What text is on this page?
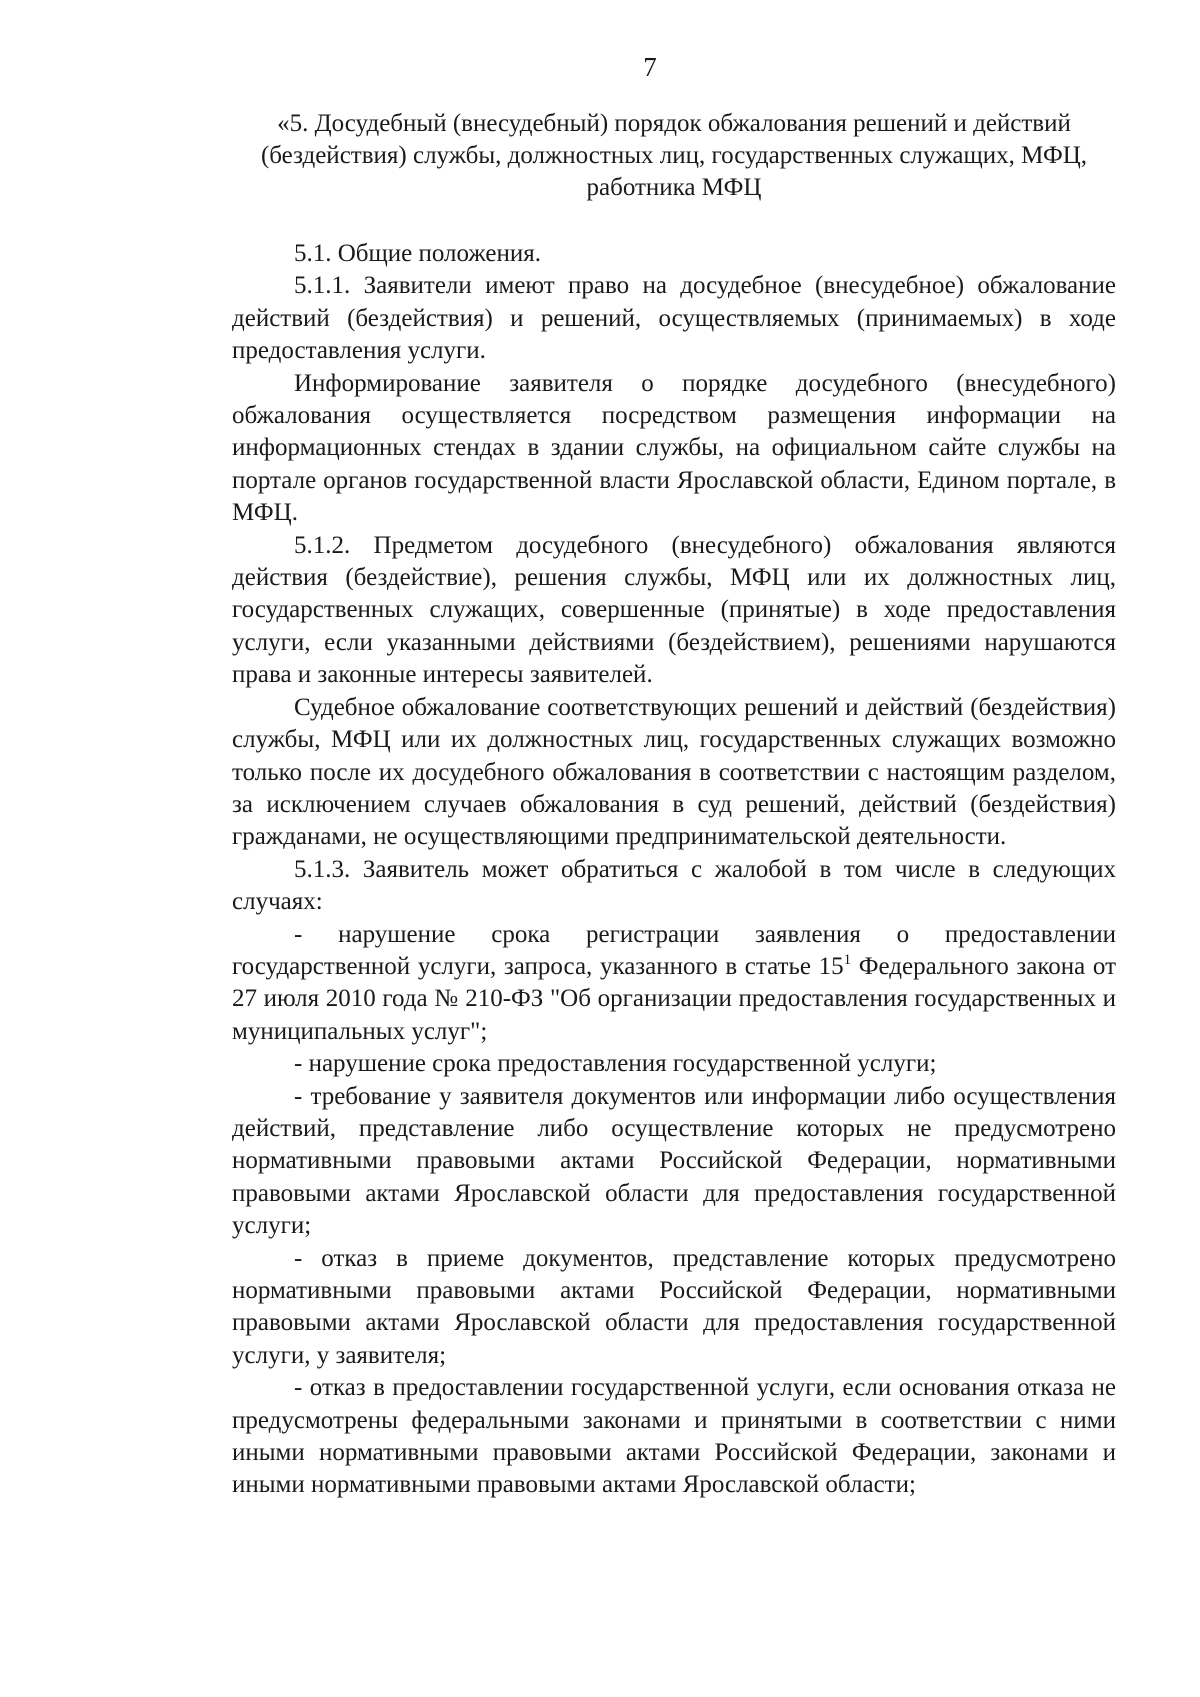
7
«5. Досудебный (внесудебный) порядок обжалования решений и действий
(бездействия) службы, должностных лиц, государственных служащих, МФЦ,
работника МФЦ

5.1. Общие положения.

5.1.1. Заявители имеют право на досудебное (внесудебное) обжалование действий (бездействия) и решений, осуществляемых (принимаемых) в ходе предоставления услуги.

Информирование заявителя о порядке досудебного (внесудебного) обжалования осуществляется посредством размещения информации на информационных стендах в здании службы, на официальном сайте службы на портале органов государственной власти Ярославской области, Едином портале, в МФЦ.

5.1.2. Предметом досудебного (внесудебного) обжалования являются действия (бездействие), решения службы, МФЦ или их должностных лиц, государственных служащих, совершенные (принятые) в ходе предоставления услуги, если указанными действиями (бездействием), решениями нарушаются права и законные интересы заявителей.

Судебное обжалование соответствующих решений и действий (бездействия) службы, МФЦ или их должностных лиц, государственных служащих возможно только после их досудебного обжалования в соответствии с настоящим разделом, за исключением случаев обжалования в суд решений, действий (бездействия) гражданами, не осуществляющими предпринимательской деятельности.

5.1.3. Заявитель может обратиться с жалобой в том числе в следующих случаях:

- нарушение срока регистрации заявления о предоставлении государственной услуги, запроса, указанного в статье $15^1$ Федерального закона от 27 июля 2010 года № 210-ФЗ "Об организации предоставления государственных и муниципальных услуг";

- нарушение срока предоставления государственной услуги;

- требование у заявителя документов или информации либо осуществления действий, представление либо осуществление которых не предусмотрено нормативными правовыми актами Российской Федерации, нормативными правовыми актами Ярославской области для предоставления государственной услуги;

- отказ в приеме документов, представление которых предусмотрено нормативными правовыми актами Российской Федерации, нормативными правовыми актами Ярославской области для предоставления государственной услуги, у заявителя;

- отказ в предоставлении государственной услуги, если основания отказа не предусмотрены федеральными законами и принятыми в соответствии с ними иными нормативными правовыми актами Российской Федерации, законами и иными нормативными правовыми актами Ярославской области;
